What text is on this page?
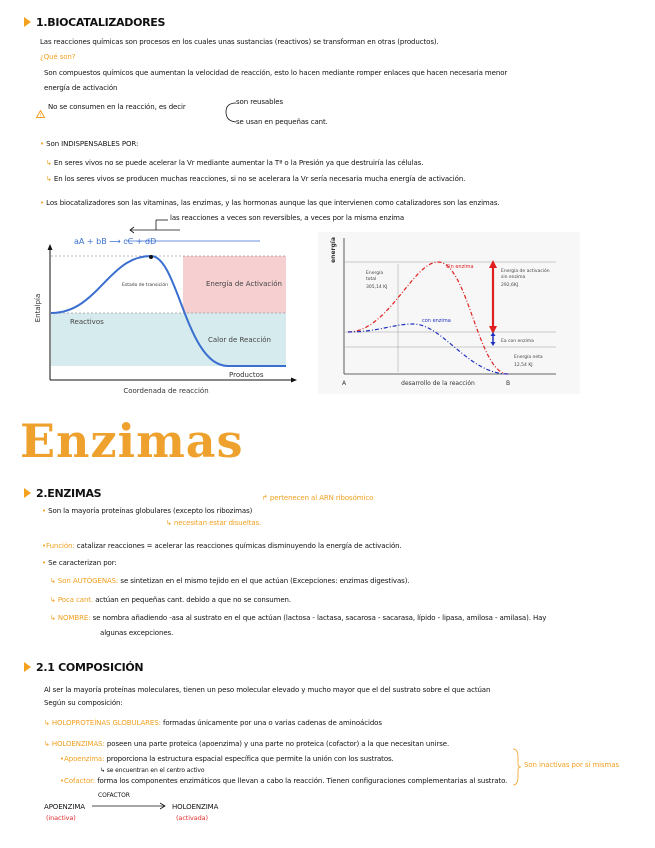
1.BIOCATALIZADORES
Las reacciones químicas son procesos en los cuales unas sustancias (reactivos) se transforman en otras (productos).
¿Qué son?
Son compuestos químicos que aumentan la velocidad de reacción, esto lo hacen mediante romper enlaces que hacen necesaria menor
energía de activación
!
No se consumen en la reacción, es decir
son reusables
se usan en pequeñas cant.
• Son INDISPENSABLES POR:
↳ En seres vivos no se puede acelerar la Vr mediante aumentar la Tª o la Presión ya que destruiría las células.
↳ En los seres vivos se producen muchas reacciones, si no se acelerara la Vr sería necesaria mucha energía de activación.
• Los biocatalizadores son las vitaminas, las enzimas, y las hormonas aunque las que intervienen como catalizadores son las enzimas.
las reacciones a veces son reversibles, a veces por la misma enzima
aA + bB ⟶ cC + dD
Entalpía
Coordenada de reacción
Estado de transición	Energía de Activación
Reactivos
Calor de Reacción
Productos
energía
desarrollo de la reacción
A	B
Energía
total
305,14 KJ
Sin enzima
con enzima
Energía de activación
sin enzima
292,6KJ
Ea con enzima
Energía neta
12,54 KJ
Enzimas
2.ENZIMAS	↱ pertenecen al ARN ribosómico
• Son la mayoría proteínas globulares (excepto los ribozimas)
↳ necesitan estar disueltas.
•Función: catalizar reacciones = acelerar las reacciones químicas disminuyendo la energía de activación.
• Se caracterizan por:
↳ Son AUTÓGENAS: se sintetizan en el mismo tejido en el que actúan (Excepciones: enzimas digestivas).
↳ Poca cant. actúan en pequeñas cant. debido a que no se consumen.
↳ NOMBRE: se nombra añadiendo -asa al sustrato en el que actúan (lactosa - lactasa, sacarosa - sacarasa, lípido - lipasa, amilosa - amilasa). Hay
algunas excepciones.
2.1 COMPOSICIÓN
Al ser la mayoría proteínas moleculares, tienen un peso molecular elevado y mucho mayor que el del sustrato sobre el que actúan
Según su composición:
↳ HOLOPROTEÍNAS GLOBULARES: formadas únicamente por una o varias cadenas de aminoácidos
↳ HOLOENZIMAS: poseen una parte proteica (apoenzima) y una parte no proteica (cofactor) a la que necesitan unirse.
•Apoenzima: proporciona la estructura espacial específica que permite la unión con los sustratos.
↳ se encuentran en el centro activo
•Cofactor: forma los componentes enzimáticos que llevan a cabo la reacción. Tienen configuraciones complementarias al sustrato.
Son inactivas por sí mismas
COFACTOR
APOENZIMA
(inactiva)
HOLOENZIMA
(activada)
